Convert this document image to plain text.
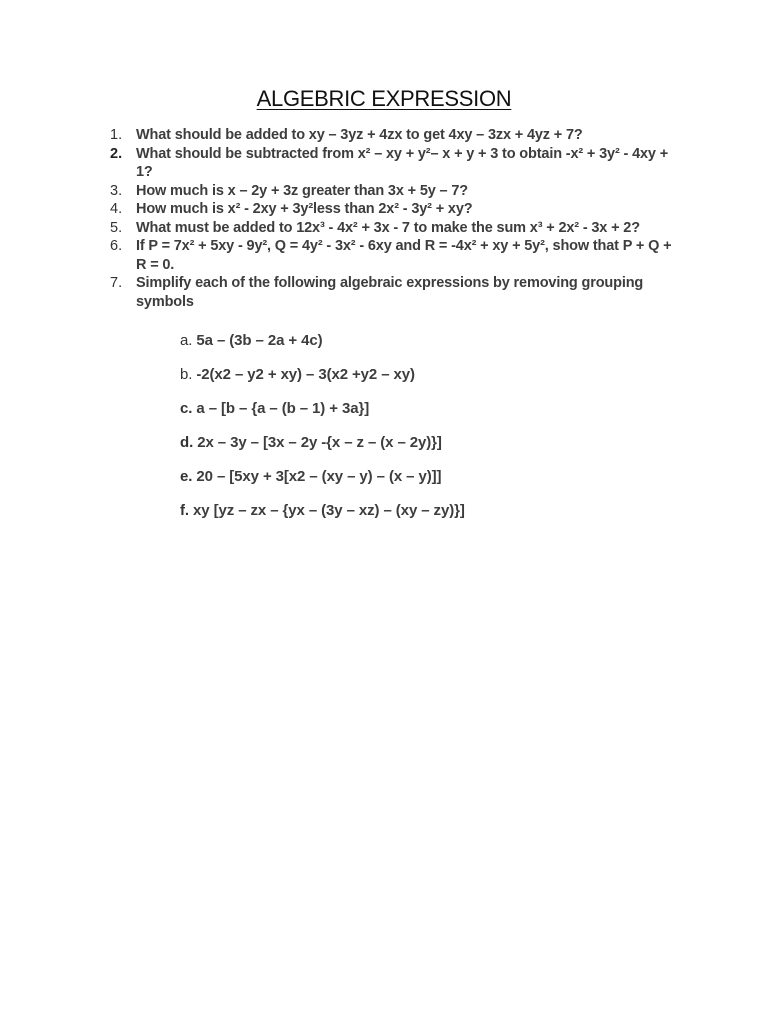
ALGEBRIC EXPRESSION
1. What should be added to xy – 3yz + 4zx to get 4xy – 3zx + 4yz + 7?
2. What should be subtracted from x² – xy + y²– x + y + 3 to obtain -x² + 3y² - 4xy + 1?
3. How much is x – 2y + 3z greater than 3x + 5y – 7?
4. How much is x² - 2xy + 3y²less than 2x² - 3y² + xy?
5. What must be added to 12x³ - 4x² + 3x - 7 to make the sum x³ + 2x² - 3x + 2?
6. If P = 7x² + 5xy - 9y², Q = 4y² - 3x² - 6xy and R = -4x² + xy + 5y², show that P + Q + R = 0.
7. Simplify each of the following algebraic expressions by removing grouping symbols
a. 5a – (3b – 2a + 4c)
b. -2(x2 – y2 + xy) – 3(x2 +y2 – xy)
c. a – [b – {a – (b – 1) + 3a}]
d. 2x – 3y – [3x – 2y -{x – z – (x – 2y)}]
e. 20 – [5xy + 3[x2 – (xy – y) – (x – y)]]
f. xy [yz – zx – {yx – (3y – xz) – (xy – zy)}]
